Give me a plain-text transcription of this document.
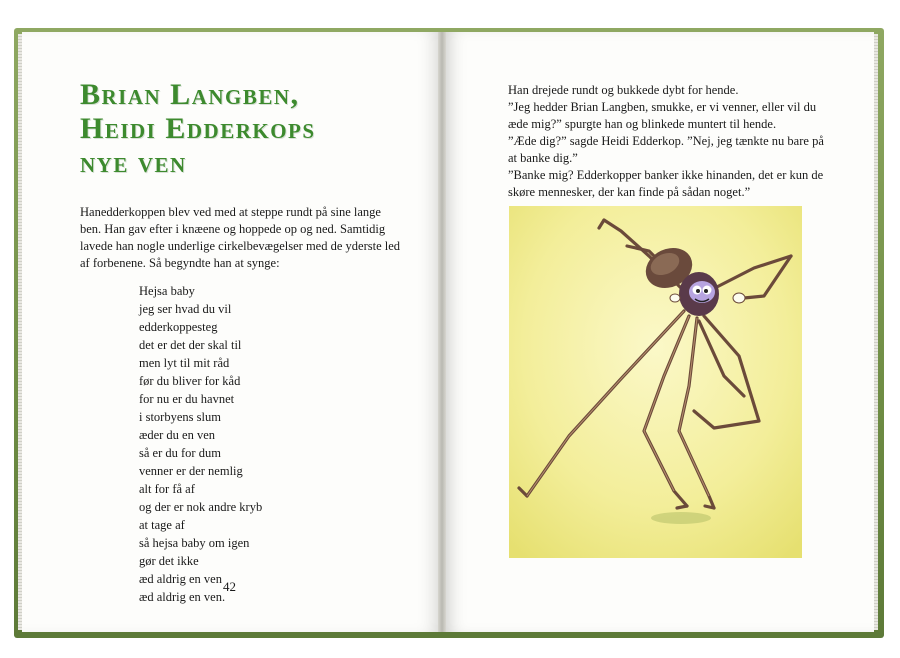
Brian Langben,
Heidi Edderkops
nye ven

Hanedderkoppen blev ved med at steppe rundt på sine lange ben. Han gav efter i knæene og hoppede op og ned. Samtidig lavede han nogle underlige cirkelbevægelser med de yderste led af forbenene. Så begyndte han at synge:

Hejsa baby
jeg ser hvad du vil
edderkoppesteg
det er det der skal til
men lyt til mit råd
før du bliver for kåd
for nu er du havnet
i storbyens slum
æder du en ven
så er du for dum
venner er der nemlig
alt for få af
og der er nok andre kryb
at tage af
så hejsa baby om igen
gør det ikke
æd aldrig en ven
æd aldrig en ven.
42

Han drejede rundt og bukkede dybt for hende.

”Jeg hedder Brian Langben, smukke, er vi venner, eller vil du æde mig?” spurgte han og blinkede muntert til hende.

”Æde dig?” sagde Heidi Edderkop. ”Nej, jeg tænkte nu bare på at banke dig.”

”Banke mig? Edderkopper banker ikke hinanden, det er kun de skøre mennesker, der kan finde på sådan noget.”
